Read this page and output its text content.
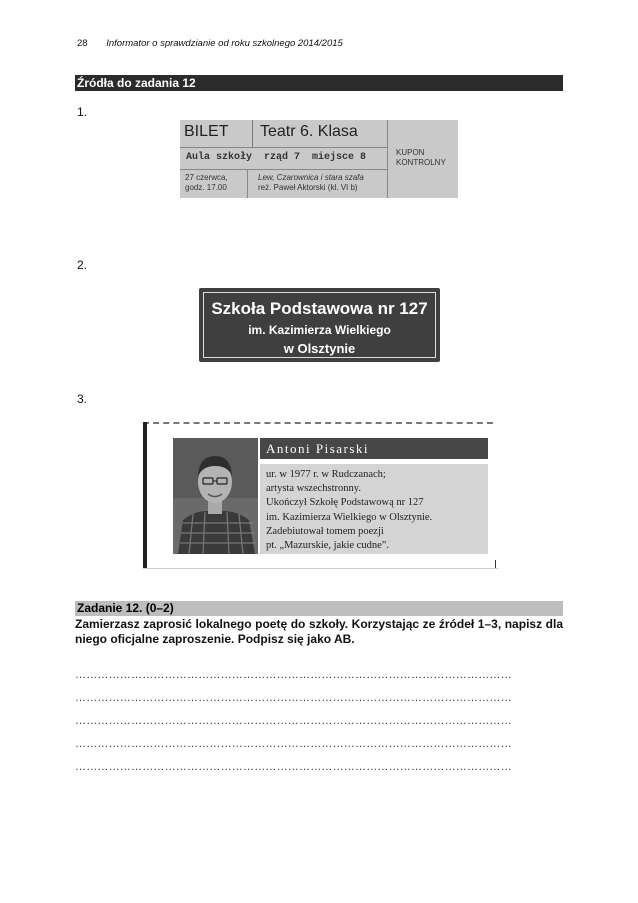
28 Informator o sprawdzianie od roku szkolnego 2014/2015
Źródła do zadania 12
1.
BILET Teatr 6. Klasa
Aula szkoły  rząd 7  miejsce 8	KUPON
KONTROLNY
27 czerwca,
godz. 17.00
Lew, Czarownica i stara szafa
reż. Paweł Aktorski (kl. VI b)
2.
Szkoła Podstawowa nr 127
im. Kazimierza Wielkiego
w Olsztynie
3.
Antoni Pisarski
ur. w 1977 r. w Rudczanach;
artysta wszechstronny.
Ukończył Szkołę Podstawową nr 127
im. Kazimierza Wielkiego w Olsztynie.
Zadebiutował tomem poezji
pt. „Mazurskie, jakie cudne”.
Zadanie 12. (0–2)
Zamierzasz zaprosić lokalnego poetę do szkoły. Korzystając ze źródeł 1–3, napisz dla niego oficjalne zaproszenie. Podpisz się jako AB.
………………………………………………………………………………………………………
………………………………………………………………………………………………………
………………………………………………………………………………………………………
………………………………………………………………………………………………………
………………………………………………………………………………………………………
